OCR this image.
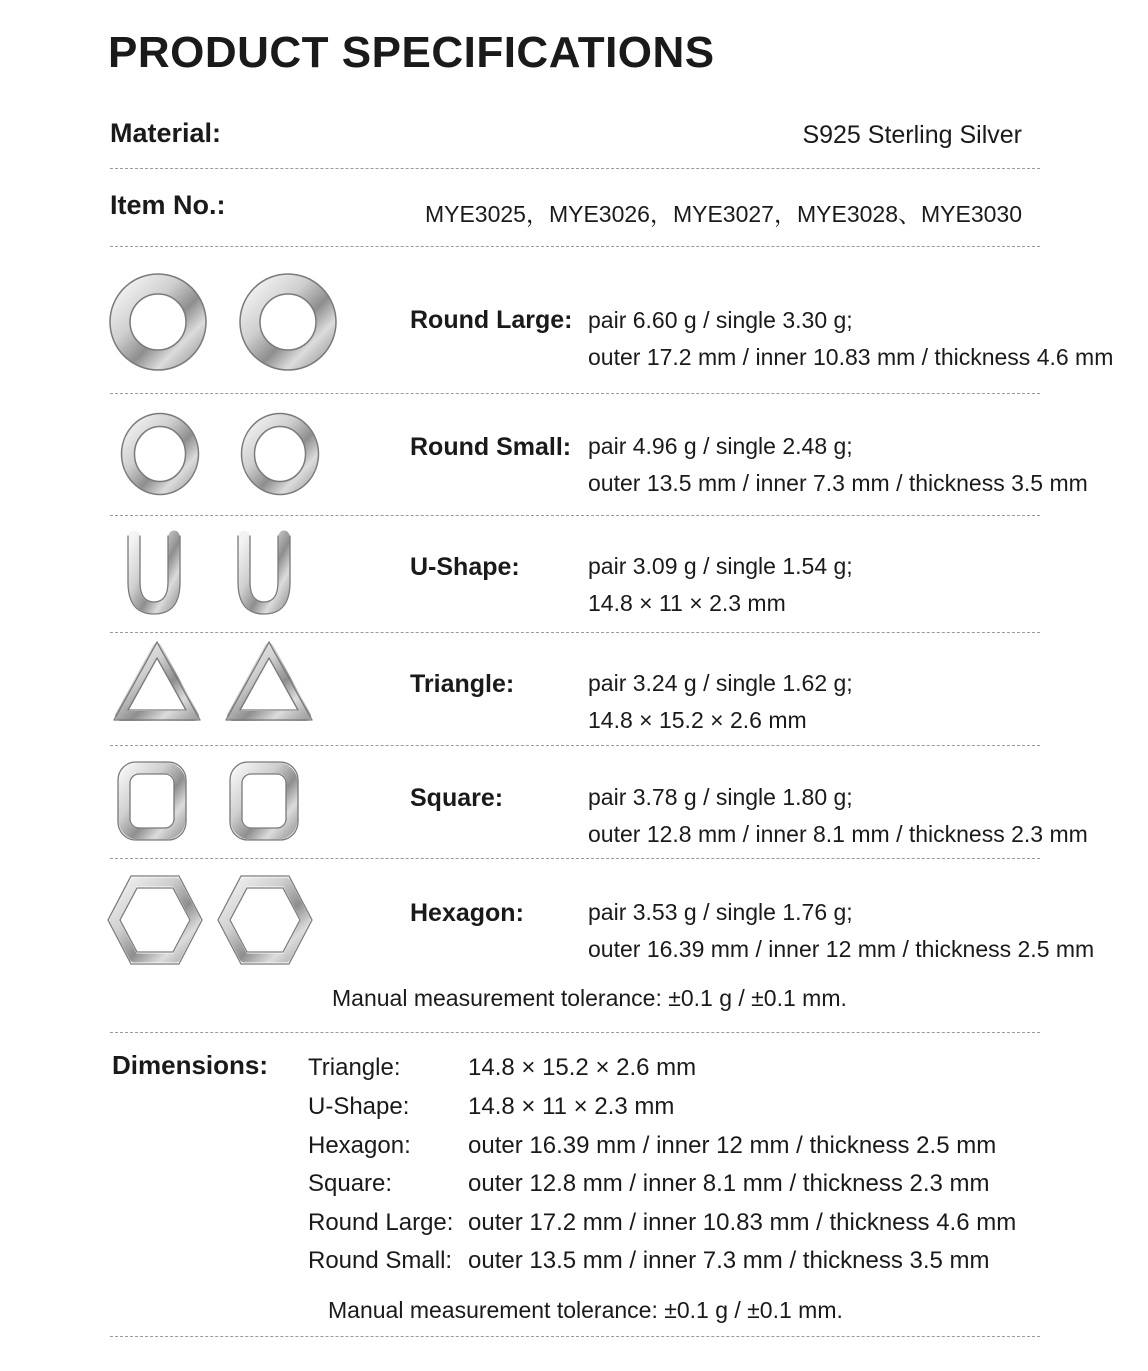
PRODUCT SPECIFICATIONS
Material:	S925 Sterling Silver
Item No.:	MYE3025，MYE3026，MYE3027，MYE3028、MYE3030
Round Large: pair 6.60 g / single 3.30 g;
outer 17.2 mm / inner 10.83 mm / thickness 4.6 mm
Round Small: pair 4.96 g / single 2.48 g;
outer 13.5 mm / inner 7.3 mm / thickness 3.5 mm
U-Shape:	pair 3.09 g / single 1.54 g;
14.8 × 11 × 2.3 mm
Triangle:	pair 3.24 g / single 1.62 g;
14.8 × 15.2 × 2.6 mm
Square:	pair 3.78 g / single 1.80 g;
outer 12.8 mm / inner 8.1 mm / thickness 2.3 mm
Hexagon:	pair 3.53 g / single 1.76 g;
outer 16.39 mm / inner 12 mm / thickness 2.5 mm
Manual measurement tolerance: ±0.1 g / ±0.1 mm.
Dimensions: Triangle:	14.8 × 15.2 × 2.6 mm
U-Shape: 14.8 × 11 × 2.3 mm
Hexagon: outer 16.39 mm / inner 12 mm / thickness 2.5 mm
Square:	outer 12.8 mm / inner 8.1 mm / thickness 2.3 mm
Round Large: outer 17.2 mm / inner 10.83 mm / thickness 4.6 mm
Round Small: outer 13.5 mm / inner 7.3 mm / thickness 3.5 mm
Manual measurement tolerance: ±0.1 g / ±0.1 mm.
